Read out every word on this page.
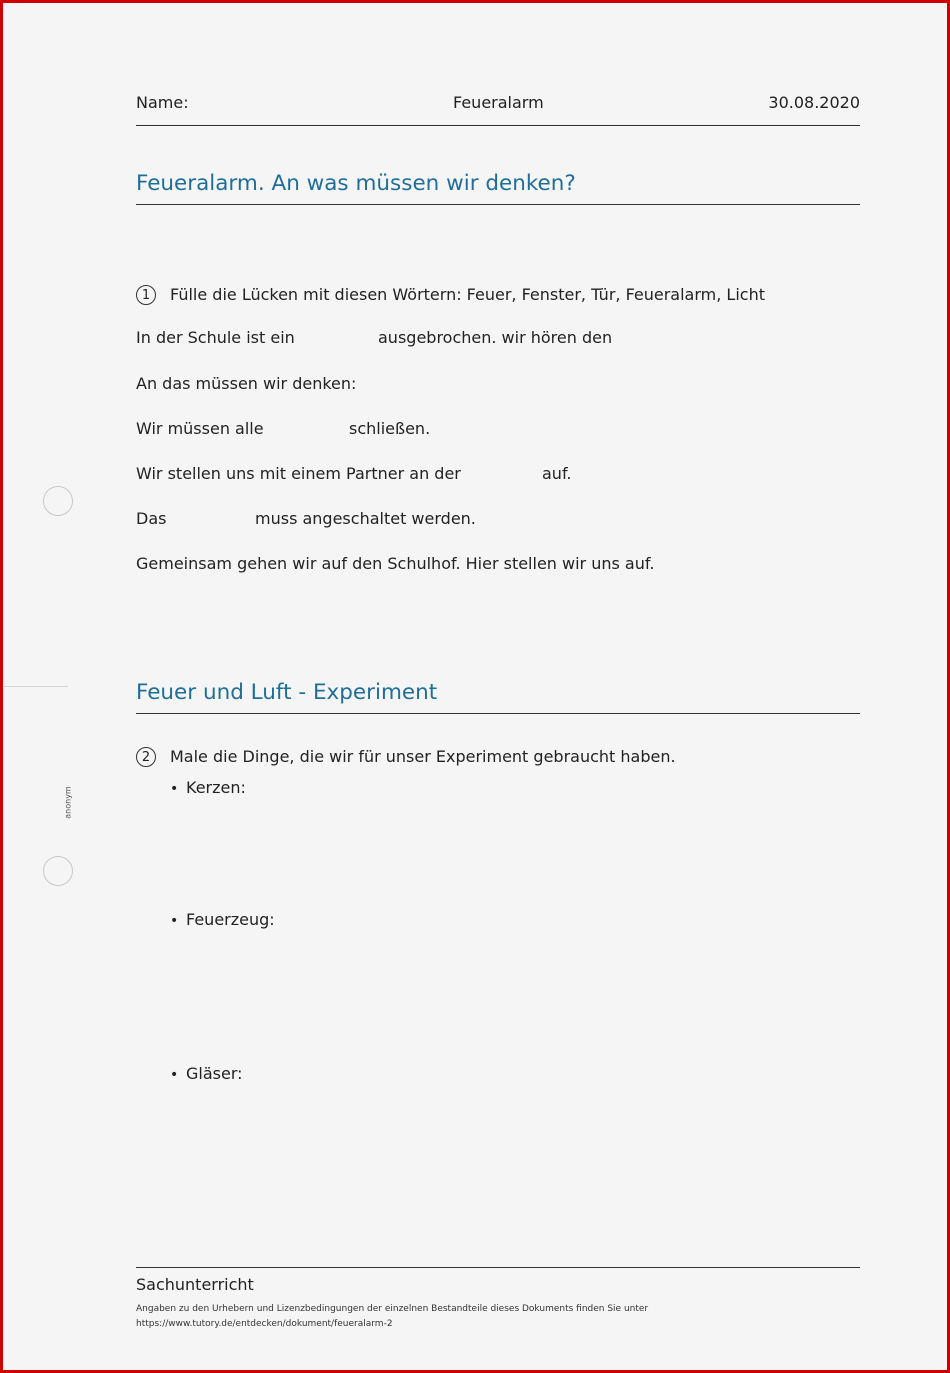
Name:	Feueralarm	30.08.2020
Feueralarm. An was müssen wir denken?
1	Fülle die Lücken mit diesen Wörtern: Feuer, Fenster, Tür, Feueralarm, Licht
In der Schule ist ein	ausgebrochen. wir hören den
An das müssen wir denken:
Wir müssen alle	schließen.
Wir stellen uns mit einem Partner an der	auf.
Das	muss angeschaltet werden.
Gemeinsam gehen wir auf den Schulhof. Hier stellen wir uns auf.
Feuer und Luft - Experiment
2	Male die Dinge, die wir für unser Experiment gebraucht haben.
• Kerzen:
• Feuerzeug:
• Gläser:
anonym
Sachunterricht
Angaben zu den Urhebern und Lizenzbedingungen der einzelnen Bestandteile dieses Dokuments finden Sie unter
https://www.tutory.de/entdecken/dokument/feueralarm-2
